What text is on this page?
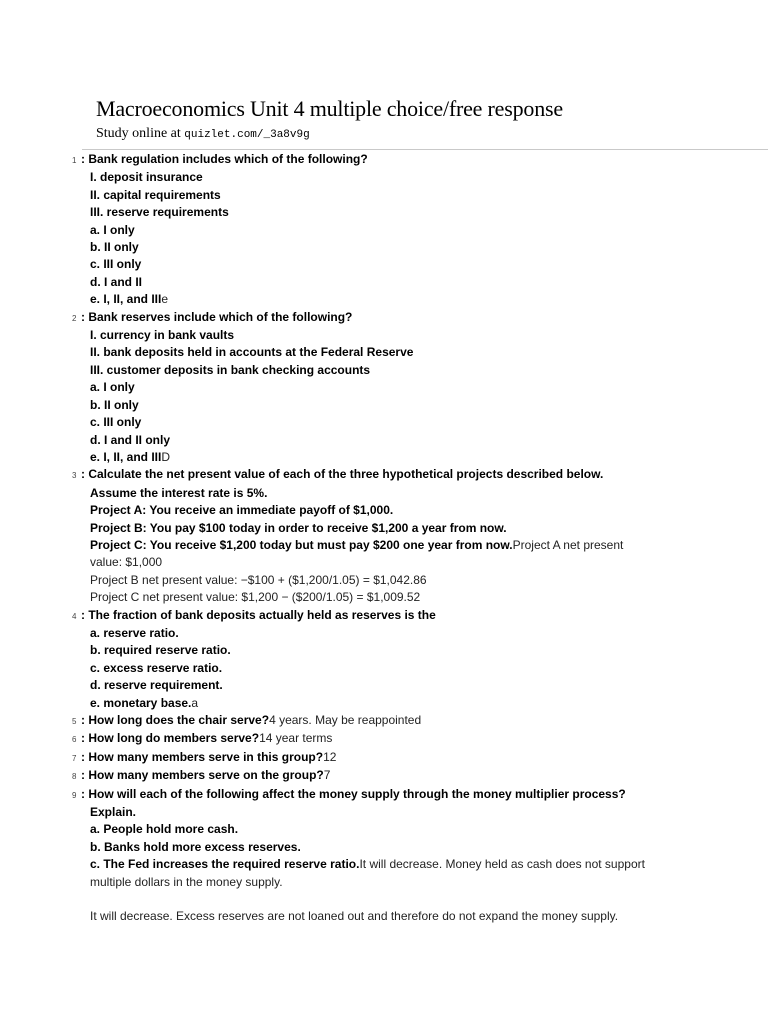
Macroeconomics Unit 4 multiple choice/free response
Study online at quizlet.com/_3a8v9g
1 : Bank regulation includes which of the following?
I. deposit insurance
II. capital requirements
III. reserve requirements
a. I only
b. II only
c. III only
d. I and II
e. I, II, and IIIe
2 : Bank reserves include which of the following?
I. currency in bank vaults
II. bank deposits held in accounts at the Federal Reserve
III. customer deposits in bank checking accounts
a. I only
b. II only
c. III only
d. I and II only
e. I, II, and IIID
3 : Calculate the net present value of each of the three hypothetical projects described below.
Assume the interest rate is 5%.
Project A: You receive an immediate payoff of $1,000.
Project B: You pay $100 today in order to receive $1,200 a year from now.
Project C: You receive $1,200 today but must pay $200 one year from now.Project A net present
value: $1,000
Project B net present value: −$100 + ($1,200/1.05) = $1,042.86
Project C net present value: $1,200 − ($200/1.05) = $1,009.52
4 : The fraction of bank deposits actually held as reserves is the
a. reserve ratio.
b. required reserve ratio.
c. excess reserve ratio.
d. reserve requirement.
e. monetary base.a
5 : How long does the chair serve?4 years. May be reappointed
6 : How long do members serve?14 year terms
7 : How many members serve in this group?12
8 : How many members serve on the group?7
9 : How will each of the following affect the money supply through the money multiplier process?
Explain.
a. People hold more cash.
b. Banks hold more excess reserves.
c. The Fed increases the required reserve ratio.It will decrease. Money held as cash does not support
multiple dollars in the money supply.
It will decrease. Excess reserves are not loaned out and therefore do not expand the money supply.
